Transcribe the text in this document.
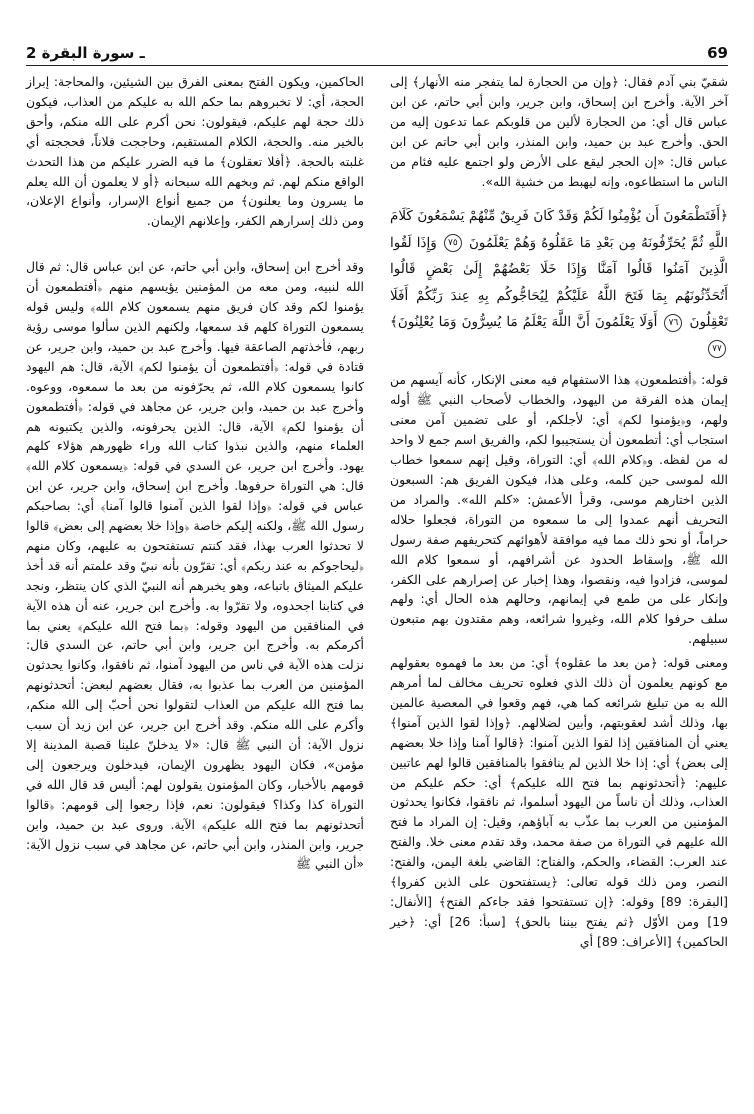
2 ـ سورة البقرة	69

شقيّ بني آدم فقال: ﴿وإن من الحجارة لما يتفجر منه الأنهار﴾ إلى آخر الآية. وأخرج ابن إسحاق، وابن جرير، وابن أبي حاتم، عن ابن عباس قال أي: من الحجارة لألين من قلوبكم عما تدعون إليه من الحق. وأخرج عبد بن حميد، وابن المنذر، وابن أبي حاتم عن ابن عباس قال: «إن الحجر ليقع على الأرض ولو اجتمع عليه فئام من الناس ما استطاعوه، وإنه ليهبط من خشية الله».

﴿أَفَتَطْمَعُونَ أَن يُؤْمِنُوا لَكُمْ وَقَدْ كَانَ فَرِيقٌ مِّنْهُمْ يَسْمَعُونَ كَلَامَ اللَّهِ ثُمَّ يُحَرِّفُونَهُ مِن بَعْدِ مَا عَقَلُوهُ وَهُمْ يَعْلَمُونَ ٧٥ وَإِذَا لَقُوا الَّذِينَ آمَنُوا قَالُوا آمَنَّا وَإِذَا خَلَا بَعْضُهُمْ إِلَىٰ بَعْضٍ قَالُوا أَتُحَدِّثُونَهُم بِمَا فَتَحَ اللَّهُ عَلَيْكُمْ لِيُحَاجُّوكُم بِهِ عِندَ رَبِّكُمْ أَفَلَا تَعْقِلُونَ ٧٦ أَوَلَا يَعْلَمُونَ أَنَّ اللَّهَ يَعْلَمُ مَا يُسِرُّونَ وَمَا يُعْلِنُونَ﴾ ٧٧

قوله: ﴿أفتطمعون﴾ هذا الاستفهام فيه معنى الإنكار، كأنه آيسهم من إيمان هذه الفرقة من اليهود، والخطاب لأصحاب النبي ﷺ أوله ولهم، و﴿يؤمنوا لكم﴾ أي: لأجلكم، أو على تضمين آمن معنى استجاب أي: أتطمعون أن يستجيبوا لكم، والفريق اسم جمع لا واحد له من لفظه. و﴿كلام الله﴾ أي: التوراة، وقيل إنهم سمعوا خطاب الله لموسى حين كلمه، وعلى هذا، فيكون الفريق هم: السبعون الذين اختارهم موسى، وقرأ الأعمش: «كلم الله». والمراد من التحريف أنهم عمدوا إلى ما سمعوه من التوراة، فجعلوا حلاله حراماً، أو نحو ذلك مما فيه موافقة لأهوائهم كتحريفهم صفة رسول الله ﷺ، وإسقاط الحدود عن أشرافهم، أو سمعوا كلام الله لموسى، فزادوا فيه، ونقصوا، وهذا إخبار عن إصرارهم على الكفر، وإنكار على من طمع في إيمانهم، وحالهم هذه الحال أي: ولهم سلف حرفوا كلام الله، وغيروا شرائعه، وهم مقتدون بهم متبعون سبيلهم.

ومعنى قوله: ﴿من بعد ما عقلوه﴾ أي: من بعد ما فهموه بعقولهم مع كونهم يعلمون أن ذلك الذي فعلوه تحريف مخالف لما أمرهم الله به من تبليغ شرائعه كما هي، فهم وقعوا في المعصية عالمين بها، وذلك أشد لعقوبتهم، وأبين لضلالهم. ﴿وإذا لقوا الذين آمنوا﴾ يعني أن المنافقين إذا لقوا الذين آمنوا: ﴿قالوا آمنا وإذا خلا بعضهم إلى بعض﴾ أي: إذا خلا الذين لم ينافقوا بالمنافقين قالوا لهم عاتبين عليهم: ﴿أتحدثونهم بما فتح الله عليكم﴾ أي: حكم عليكم من العذاب، وذلك أن ناساً من اليهود أسلموا، ثم نافقوا، فكانوا يحدثون المؤمنين من العرب بما عذّب به آباؤهم، وقيل: إن المراد ما فتح الله عليهم في التوراة من صفة محمد، وقد تقدم معنى خلا. والفتح عند العرب: القضاء، والحكم، والفتاح: القاضي بلغة اليمن، والفتح: النصر، ومن ذلك قوله تعالى: ﴿يستفتحون على الذين كفروا﴾ [البقرة: 89] وقوله: ﴿إن تستفتحوا فقد جاءكم الفتح﴾ [الأنفال: 19] ومن الأوّل ﴿ثم يفتح بيننا بالحق﴾ [سبأ: 26] أي: ﴿خير الحاكمين﴾ [الأعراف: 89] أي

الحاكمين، ويكون الفتح بمعنى الفرق بين الشيئين، والمحاجة: إبراز الحجة، أي: لا تخبروهم بما حكم الله به عليكم من العذاب، فيكون ذلك حجة لهم عليكم، فيقولون: نحن أكرم على الله منكم، وأحق بالخير منه. والحجة، الكلام المستقيم، وحاججت فلاناً، فحججته أي غلبته بالحجة. ﴿أفلا تعقلون﴾ ما فيه الضرر عليكم من هذا التحدث الواقع منكم لهم. ثم وبخهم الله سبحانه ﴿أو لا يعلمون أن الله يعلم ما يسرون وما يعلنون﴾ من جميع أنواع الإسرار، وأنواع الإعلان، ومن ذلك إسرارهم الكفر، وإعلانهم الإيمان.

وقد أخرج ابن إسحاق، وابن أبي حاتم، عن ابن عباس قال: ثم قال الله لنبيه، ومن معه من المؤمنين يؤيسهم منهم ﴿أفتطمعون أن يؤمنوا لكم وقد كان فريق منهم يسمعون كلام الله﴾ وليس قوله يسمعون التوراة كلهم قد سمعها، ولكنهم الذين سألوا موسى رؤية ربهم، فأخذتهم الصاعقة فيها. وأخرج عبد بن حميد، وابن جرير، عن قتادة في قوله: ﴿أفتطمعون أن يؤمنوا لكم﴾ الآية، قال: هم اليهود كانوا يسمعون كلام الله، ثم يحرّفونه من بعد ما سمعوه، ووعوه. وأخرج عبد بن حميد، وابن جرير، عن مجاهد في قوله: ﴿أفتطمعون أن يؤمنوا لكم﴾ الآية، قال: الذين يحرفونه، والذين يكتبونه هم العلماء منهم، والذين نبذوا كتاب الله وراء ظهورهم هؤلاء كلهم يهود. وأخرج ابن جرير، عن السدي في قوله: ﴿يسمعون كلام الله﴾ قال: هي التوراة حرفوها. وأخرج ابن إسحاق، وابن جرير، عن ابن عباس في قوله: ﴿وإذا لقوا الذين آمنوا قالوا آمنا﴾ أي: بصاحبكم رسول الله ﷺ، ولكنه إليكم خاصة ﴿وإذا خلا بعضهم إلى بعض﴾ قالوا لا تحدثوا العرب بهذا، فقد كنتم تستفتحون به عليهم، وكان منهم ﴿ليحاجوكم به عند ربكم﴾ أي: تقرّون بأنه نبيّ وقد علمتم أنه قد أخذ عليكم الميثاق باتباعه، وهو يخبرهم أنه النبيّ الذي كان ينتظر، ونجد في كتابنا اجحدوه، ولا تقرّوا به. وأخرج ابن جرير، عنه أن هذه الآية في المنافقين من اليهود وقوله: ﴿بما فتح الله عليكم﴾ يعني بما أكرمكم به. وأخرج ابن جرير، وابن أبي حاتم، عن السدي قال: نزلت هذه الآية في ناس من اليهود آمنوا، ثم نافقوا، وكانوا يحدثون المؤمنين من العرب بما عذبوا به، فقال بعضهم لبعض: أتحدثونهم بما فتح الله عليكم من العذاب لتقولوا نحن أحبّ إلى الله منكم، وأكرم على الله منكم. وقد أخرج ابن جرير، عن ابن زيد أن سبب نزول الآية: أن النبي ﷺ قال: «لا يدخلنّ علينا قصبة المدينة إلا مؤمن»، فكان اليهود يظهرون الإيمان، فيدخلون ويرجعون إلى قومهم بالأخبار، وكان المؤمنون يقولون لهم: أليس قد قال الله في التوراة كذا وكذا؟ فيقولون: نعم، فإذا رجعوا إلى قومهم: ﴿قالوا أتحدثونهم بما فتح الله عليكم﴾ الآية. وروى عبد بن حميد، وابن جرير، وابن المنذر، وابن أبي حاتم، عن مجاهد في سبب نزول الآية: «أن النبي ﷺ
